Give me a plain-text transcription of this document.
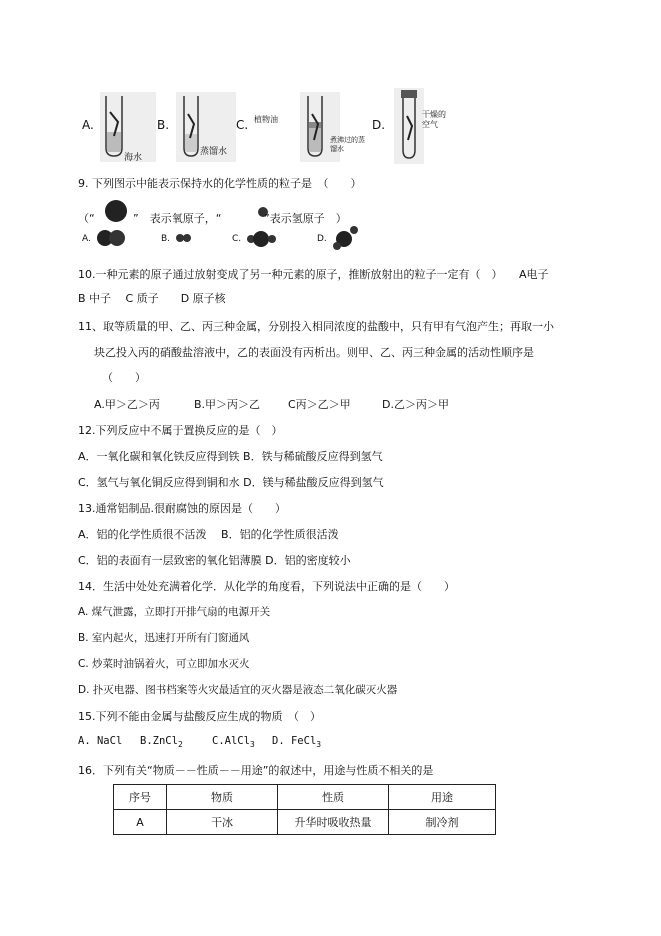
A.
海水
B.
蒸馏水
C. 植物油
煮沸过的蒸馏水
D.
干燥的空气
9. 下列图示中能表示保持水的化学性质的粒子是　（　　）
（“	”　表示氧原子，“	”表示氢原子　）
A.	B.	C.	D.
10.一种元素的原子通过放射变成了另一种元素的原子，推断放射出的粒子一定有（　）　　A电子
B 中子　 C 质子　　D 原子核
11、取等质量的甲、乙、丙三种金属，分别投入相同浓度的盐酸中，只有甲有气泡产生；再取一小
块乙投入丙的硝酸盐溶液中，乙的表面没有丙析出。则甲、乙、丙三种金属的活动性顺序是
（　　）
A.甲＞乙＞丙	B.甲＞丙＞乙	C丙＞乙＞甲	D.乙＞丙＞甲
12.下列反应中不属于置换反应的是（　）
A．一氧化碳和氧化铁反应得到铁 B．铁与稀硫酸反应得到氢气
C．氢气与氧化铜反应得到铜和水 D．镁与稀盐酸反应得到氢气
13.通常铝制品.很耐腐蚀的原因是（　　）
A．铝的化学性质很不活泼　 B．铝的化学性质很活泼
C．铝的表面有一层致密的氧化铝薄膜 D．铝的密度较小
14．生活中处处充满着化学．从化学的角度看，下列说法中正确的是（　　）
A. 煤气泄露，立即打开排气扇的电源开关
B. 室内起火，迅速打开所有门窗通风
C. 炒菜时油锅着火，可立即加水灭火
D. 扑灭电器、图书档案等火灾最适宜的灭火器是液态二氧化碳灭火器
15.下列不能由金属与盐酸反应生成的物质　（　）
A. NaCl B.ZnCl$_2$	C.AlCl$_3$ D. FeCl$_3$
16．下列有关“物质－－性质－－用途”的叙述中，用途与性质不相关的是
序号	物质	性质	用途
A	干冰	升华时吸收热量	制冷剂
